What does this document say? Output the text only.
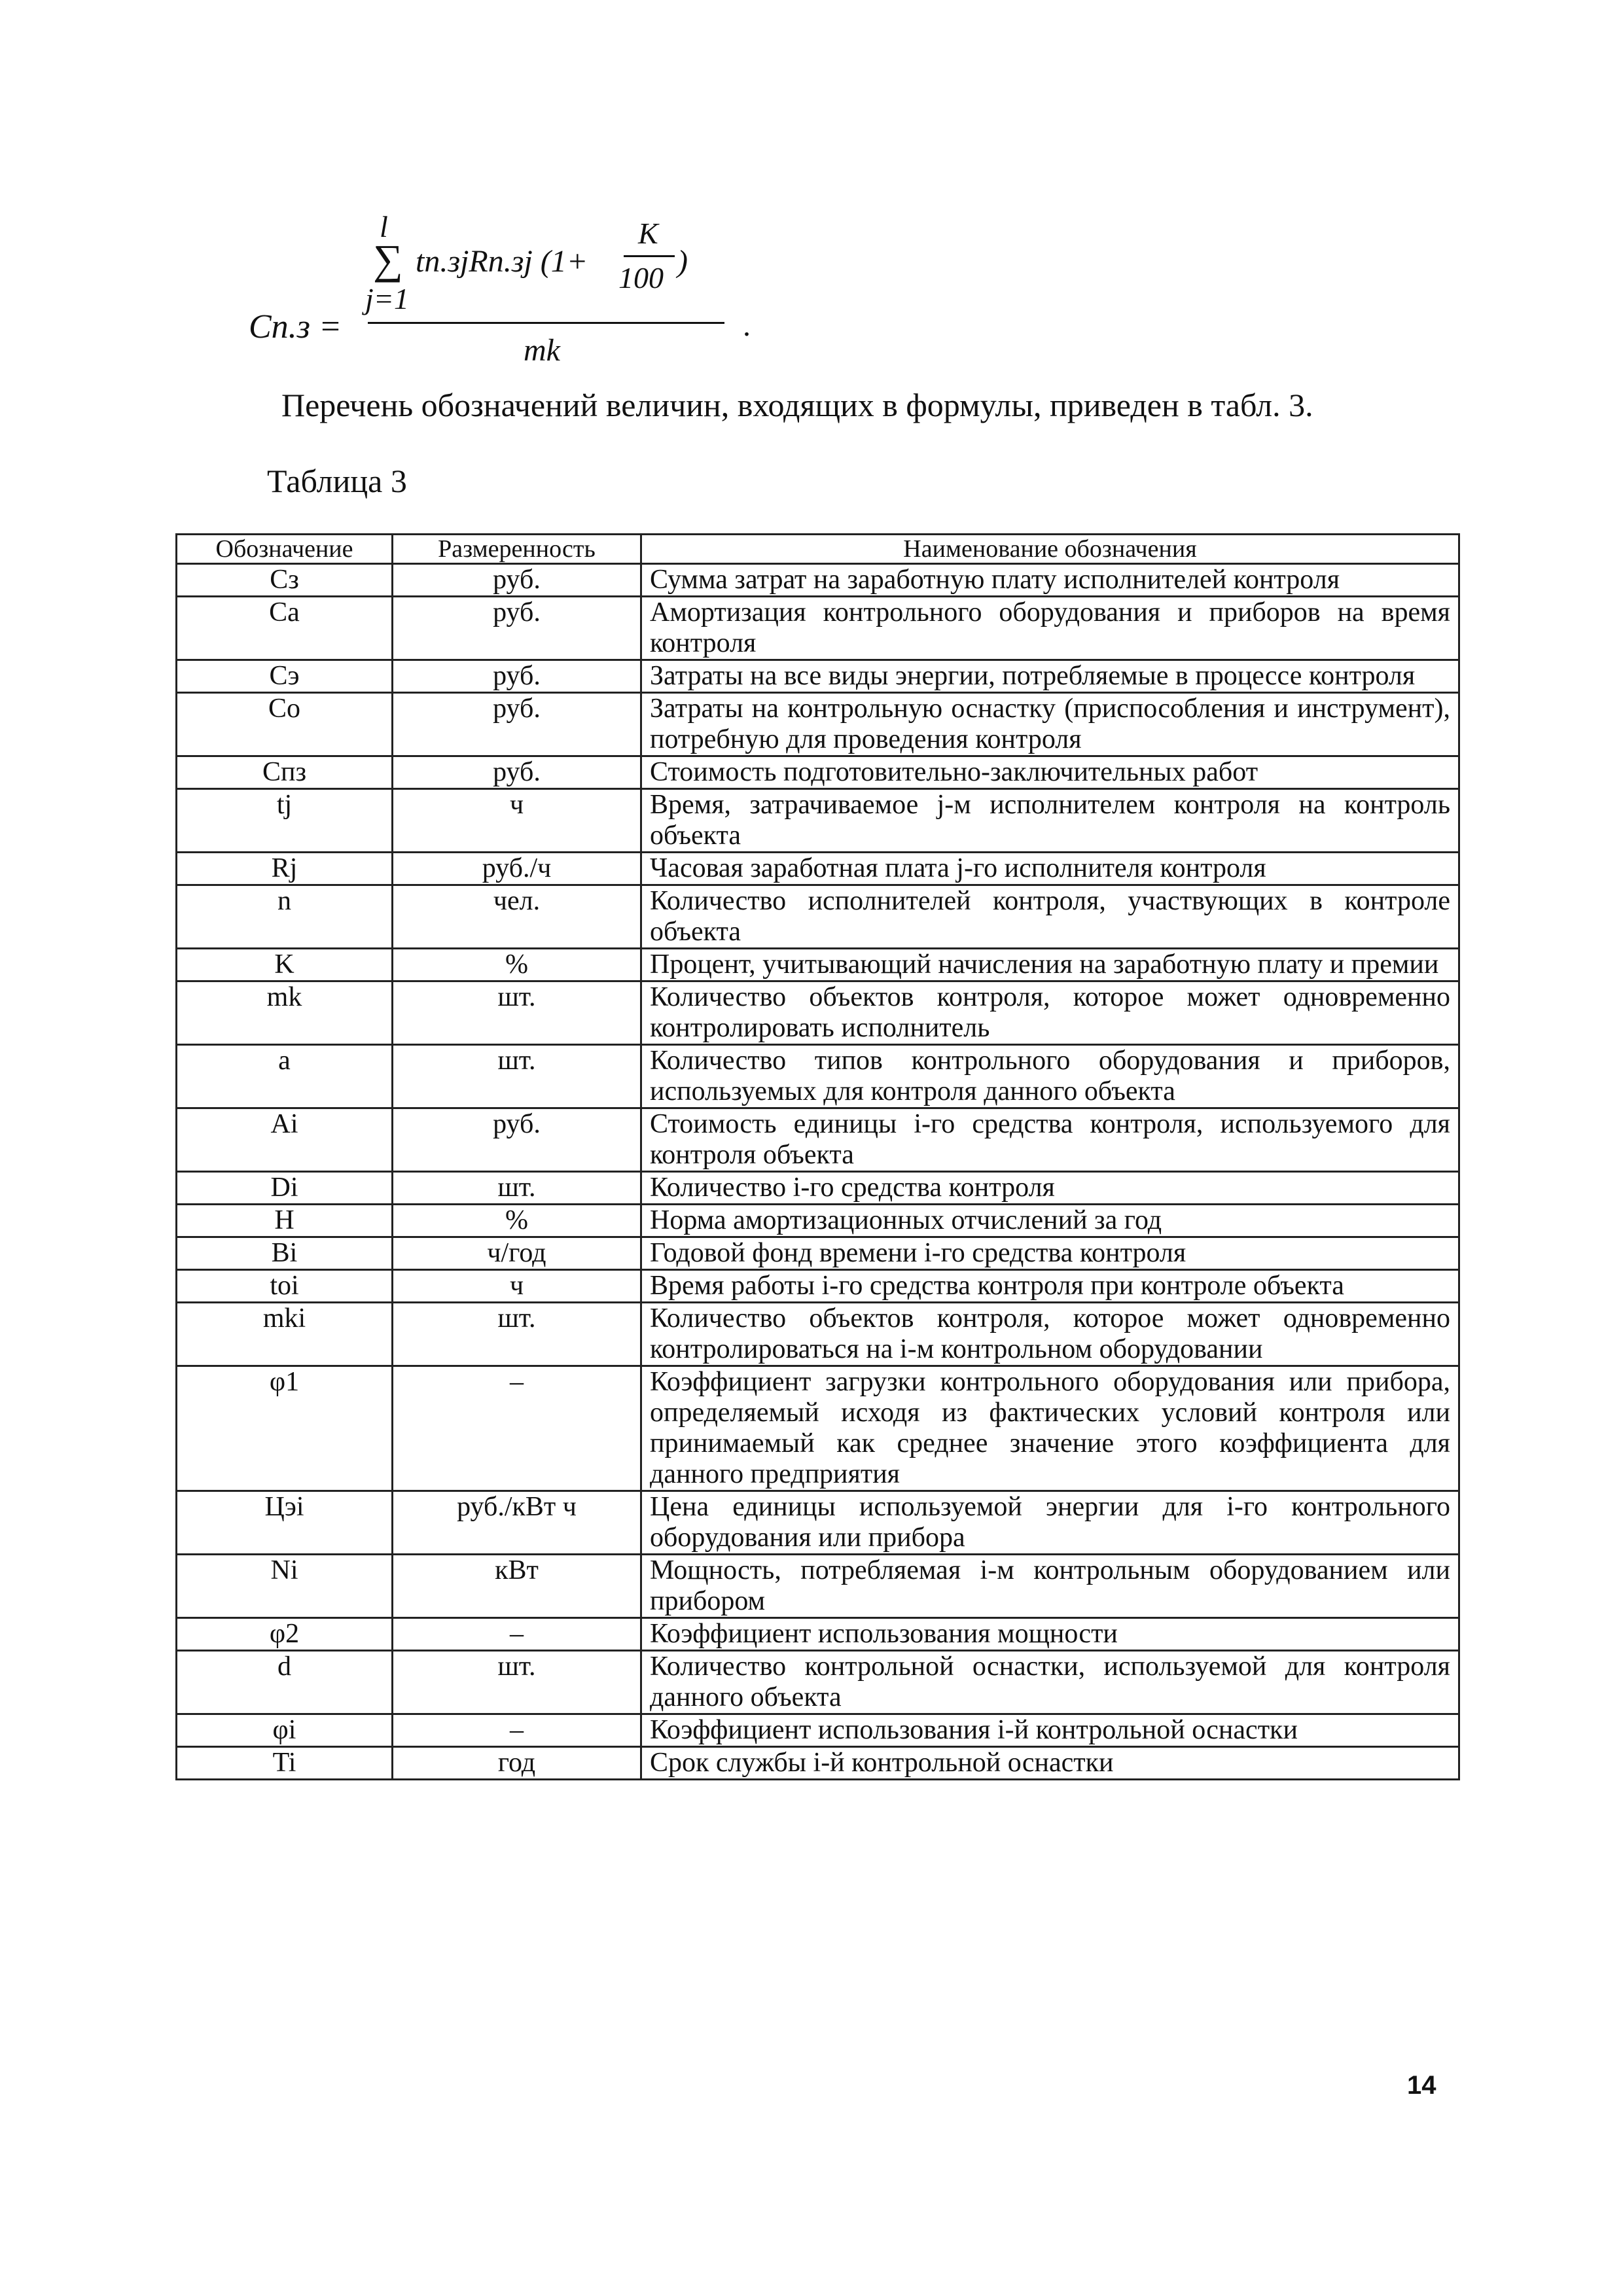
Cn.з =
l
∑ tn.зjRn.зj (1+
j=1
K
100 )
mk
.
Перечень обозначений величин, входящих в формулы, приведен в табл. 3.
Таблица 3
Обозначение	Размеренность	Наименование обозначения
Cз	руб.	Сумма затрат на заработную плату исполнителей контроля
Cа	руб.	Амортизация контрольного оборудования и приборов на время контроля
Cэ	руб.	Затраты на все виды энергии, потребляемые в процессе контроля
Cо	руб.	Затраты на контрольную оснастку (приспособления и инструмент), потребную для проведения контроля
Cпз	руб.	Стоимость подготовительно-заключительных работ
tj	ч	Время, затрачиваемое j-м исполнителем контроля на контроль объекта
Rj	руб./ч	Часовая заработная плата j-го исполнителя контроля
n	чел.	Количество исполнителей контроля, участвующих в контроле объекта
K	%	Процент, учитывающий начисления на заработную плату и премии
mk	шт.	Количество объектов контроля, которое может одновременно контролировать исполнитель
a	шт.	Количество типов контрольного оборудования и приборов, используемых для контроля данного объекта
Ai	руб.	Стоимость единицы i-го средства контроля, используемого для контроля объекта
Di	шт.	Количество i-го средства контроля
H	%	Норма амортизационных отчислений за год
Bi	ч/год	Годовой фонд времени i-го средства контроля
toi	ч	Время работы i-го средства контроля при контроле объекта
mki	шт.	Количество объектов контроля, которое может одновременно контролироваться на i-м контрольном оборудовании
φ1	–	Коэффициент загрузки контрольного оборудования или прибора, определяемый исходя из фактических условий контроля или принимаемый как среднее значение этого коэффициента для данного предприятия
Цэi	руб./кВт ч	Цена единицы используемой энергии для i-го контрольного оборудования или прибора
Ni	кВт	Мощность, потребляемая i-м контрольным оборудованием или прибором
φ2	–	Коэффициент использования мощности
d	шт.	Количество контрольной оснастки, используемой для контроля данного объекта
φi	–	Коэффициент использования i-й контрольной оснастки
Ti	год	Срок службы i-й контрольной оснастки
14
